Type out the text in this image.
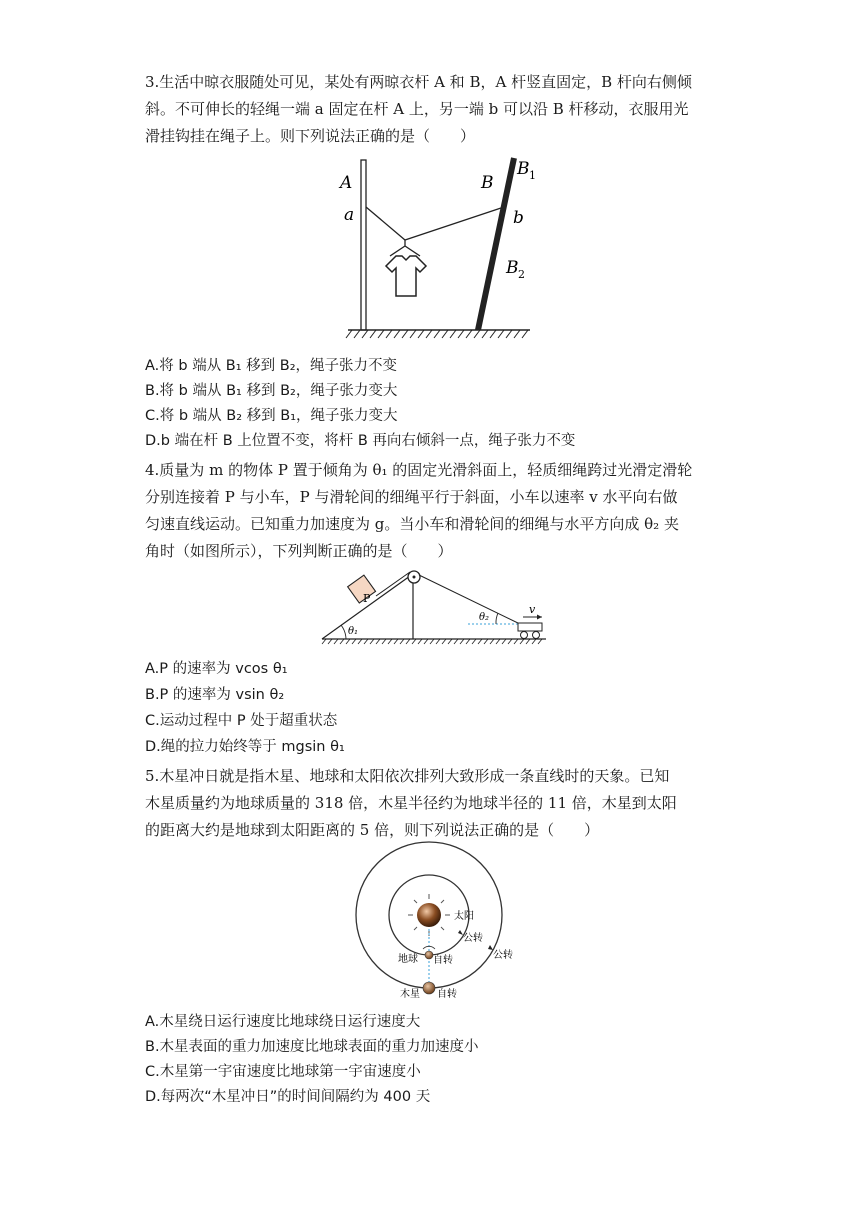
3.生活中晾衣服随处可见，某处有两晾衣杆 A 和 B，A 杆竖直固定，B 杆向右侧倾
斜。不可伸长的轻绳一端 a 固定在杆 A 上，另一端 b 可以沿 B 杆移动，衣服用光
滑挂钩挂在绳子上。则下列说法正确的是（　　）
A
a
B
b
B 1
B 2
A.将 b 端从 B₁ 移到 B₂，绳子张力不变
B.将 b 端从 B₁ 移到 B₂，绳子张力变大
C.将 b 端从 B₂ 移到 B₁，绳子张力变大
D.b 端在杆 B 上位置不变，将杆 B 再向右倾斜一点，绳子张力不变
4.质量为 m 的物体 P 置于倾角为 θ₁ 的固定光滑斜面上，轻质细绳跨过光滑定滑轮
分别连接着 P 与小车，P 与滑轮间的细绳平行于斜面，小车以速率 v 水平向右做
匀速直线运动。已知重力加速度为 g。当小车和滑轮间的细绳与水平方向成 θ₂ 夹
角时（如图所示），下列判断正确的是（　　）
P
θ₁
θ₂
v
A.P 的速率为 vcos θ₁
B.P 的速率为 vsin θ₂
C.运动过程中 P 处于超重状态
D.绳的拉力始终等于 mgsin θ₁
5.木星冲日就是指木星、地球和太阳依次排列大致形成一条直线时的天象。已知
木星质量约为地球质量的 318 倍，木星半径约为地球半径的 11 倍，木星到太阳
的距离大约是地球到太阳距离的 5 倍，则下列说法正确的是（　　）
太阳
公转
公转
地球 自转
木星 自转
A.木星绕日运行速度比地球绕日运行速度大
B.木星表面的重力加速度比地球表面的重力加速度小
C.木星第一宇宙速度比地球第一宇宙速度小
D.每两次“木星冲日”的时间间隔约为 400 天
